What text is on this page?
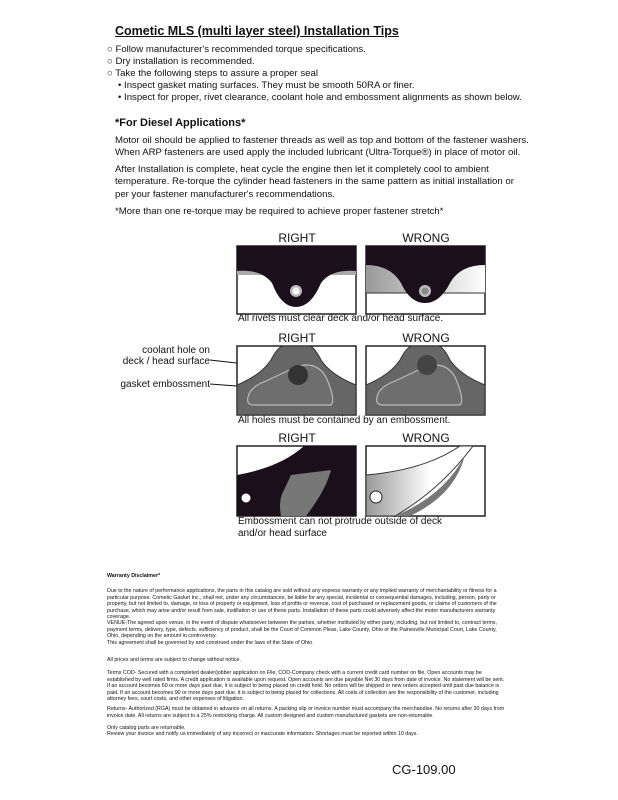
Cometic MLS (multi layer steel) Installation Tips
○ Follow manufacturer's recommended torque specifications.
○ Dry installation is recommended.
○ Take the following steps to assure a proper seal
• Inspect gasket mating surfaces. They must be smooth 50RA or finer.
• Inspect for proper, rivet clearance, coolant hole and embossment alignments as shown below.
*For Diesel Applications*
Motor oil should be applied to fastener threads as well as top and bottom of the fastener washers. When ARP fasteners are used apply the included lubricant (Ultra-Torque®) in place of motor oil.
After Installation is complete, heat cycle the engine then let it completely cool to ambient temperature. Re-torque the cylinder head fasteners in the same pattern as initial installation or per your fastener manufacturer's recommendations.
*More than one re-torque may be required to achieve proper fastener stretch*
RIGHT	WRONG
All rivets must clear deck and/or head surface.
RIGHT	WRONG
coolant hole on
deck / head surface
gasket embossment
All holes must be contained by an embossment.
RIGHT	WRONG
Embossment can not protrude outside of deck
and/or head surface
Warranty Disclaimer*
Due to the nature of performance applications, the parts in this catalog are sold without any express warranty or any implied warranty of merchantability or fitness for a particular purpose. Cometic Gasket Inc., shall not, under any circumstances, be liable for any special, incidental or consequential damages, including, person, party or property, but not limited to, damage, or loss of property or equipment, loss of profits or revenue, cost of purchased or replacement goods, or claims of customers of the purchase, which may arise and/or result from sale, instillation or use of these parts. Installation of these parts could adversely affect the motor manufacturers warranty coverage.
VENUE-The agreed upon venue, in the event of dispute whatsoever between the parties, whether instituted by either party, including, but not limited to, contract terms, payment terms, delivery, type, defects, sufficiency of product, shall be the Court of Common Pleas, Lake County, Ohio or the Painesville Municipal Court, Lake County, Ohio, depending on the amount in controversy.
This agreement shall be governed by and construed under the laws of the State of Ohio.
All prices and terms are subject to change without notice.
Terms COD- Secured with a completed dealer/jobber application on File, COD-Company check with a current credit card number on file. Open accounts may be established by well rated firms. A credit application is available upon request. Open accounts are due payable Net 30 days from date of invoice. No statement will be sent. If an account becomes 60 or more days past due, it is subject to being placed on credit hold. No orders will be shipped or new orders accepted until past due balance is paid. If an account becomes 90 or more days past due, it is subject to being placed for collections. All costs of collection are the responsibility of the customer, including attorney fees, court costs, and other expenses of litigation.
Returns- Authorized (RGA) must be obtained in advance on all returns. A packing slip or invoice number must accompany the merchandise. No returns after 30 days from invoice date. All returns are subject to a 25% restocking charge. All custom designed and custom manufactured gaskets are non-returnable.
Only catalog parts are returnable.
Review your invoice and notify us immediately of any incorrect or inaccurate information. Shortages must be reported within 10 days.
CG-109.00
